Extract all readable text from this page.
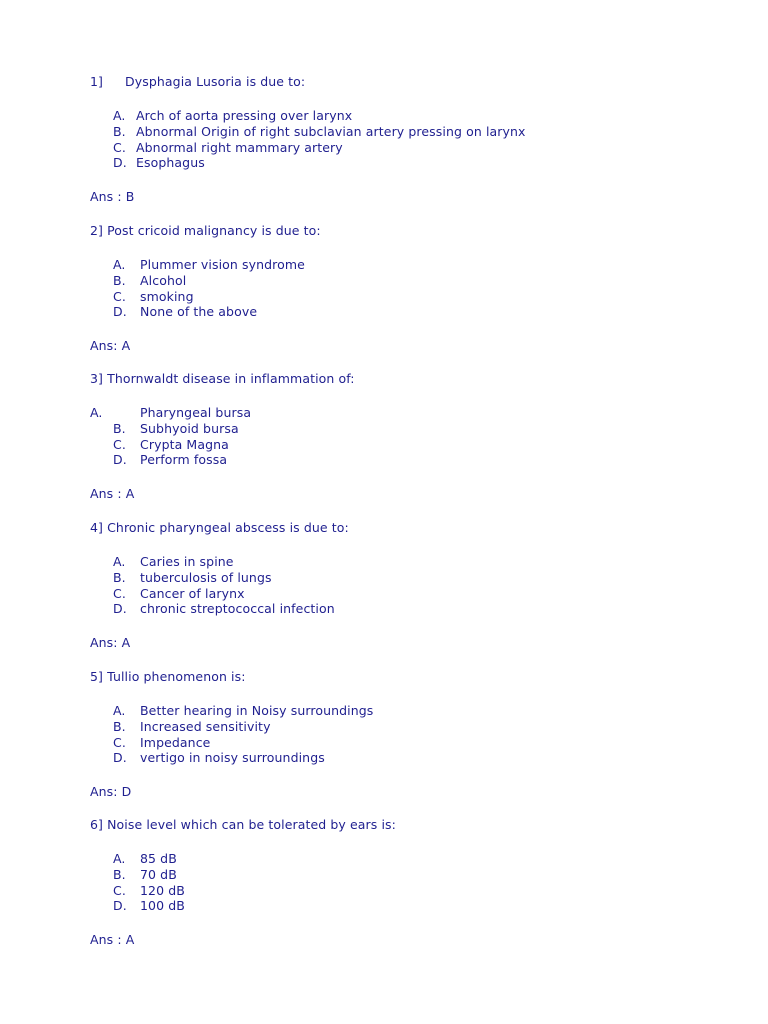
1] Dysphagia Lusoria is due to:
A. Arch of aorta pressing over larynx
B. Abnormal Origin of right subclavian artery pressing on larynx
C. Abnormal right mammary artery
D. Esophagus
Ans : B
2] Post cricoid malignancy is due to:
A. Plummer vision syndrome
B. Alcohol
C. smoking
D. None of the above
Ans: A
3] Thornwaldt disease in inflammation of:
A.	Pharyngeal bursa
B. Subhyoid bursa
C. Crypta Magna
D. Perform fossa
Ans : A
4] Chronic pharyngeal abscess is due to:
A. Caries in spine
B. tuberculosis of lungs
C. Cancer of larynx
D. chronic streptococcal infection
Ans: A
5] Tullio phenomenon is:
A. Better hearing in Noisy surroundings
B. Increased sensitivity
C. Impedance
D. vertigo in noisy surroundings
Ans: D
6] Noise level which can be tolerated by ears is:
A. 85 dB
B. 70 dB
C. 120 dB
D. 100 dB
Ans : A
